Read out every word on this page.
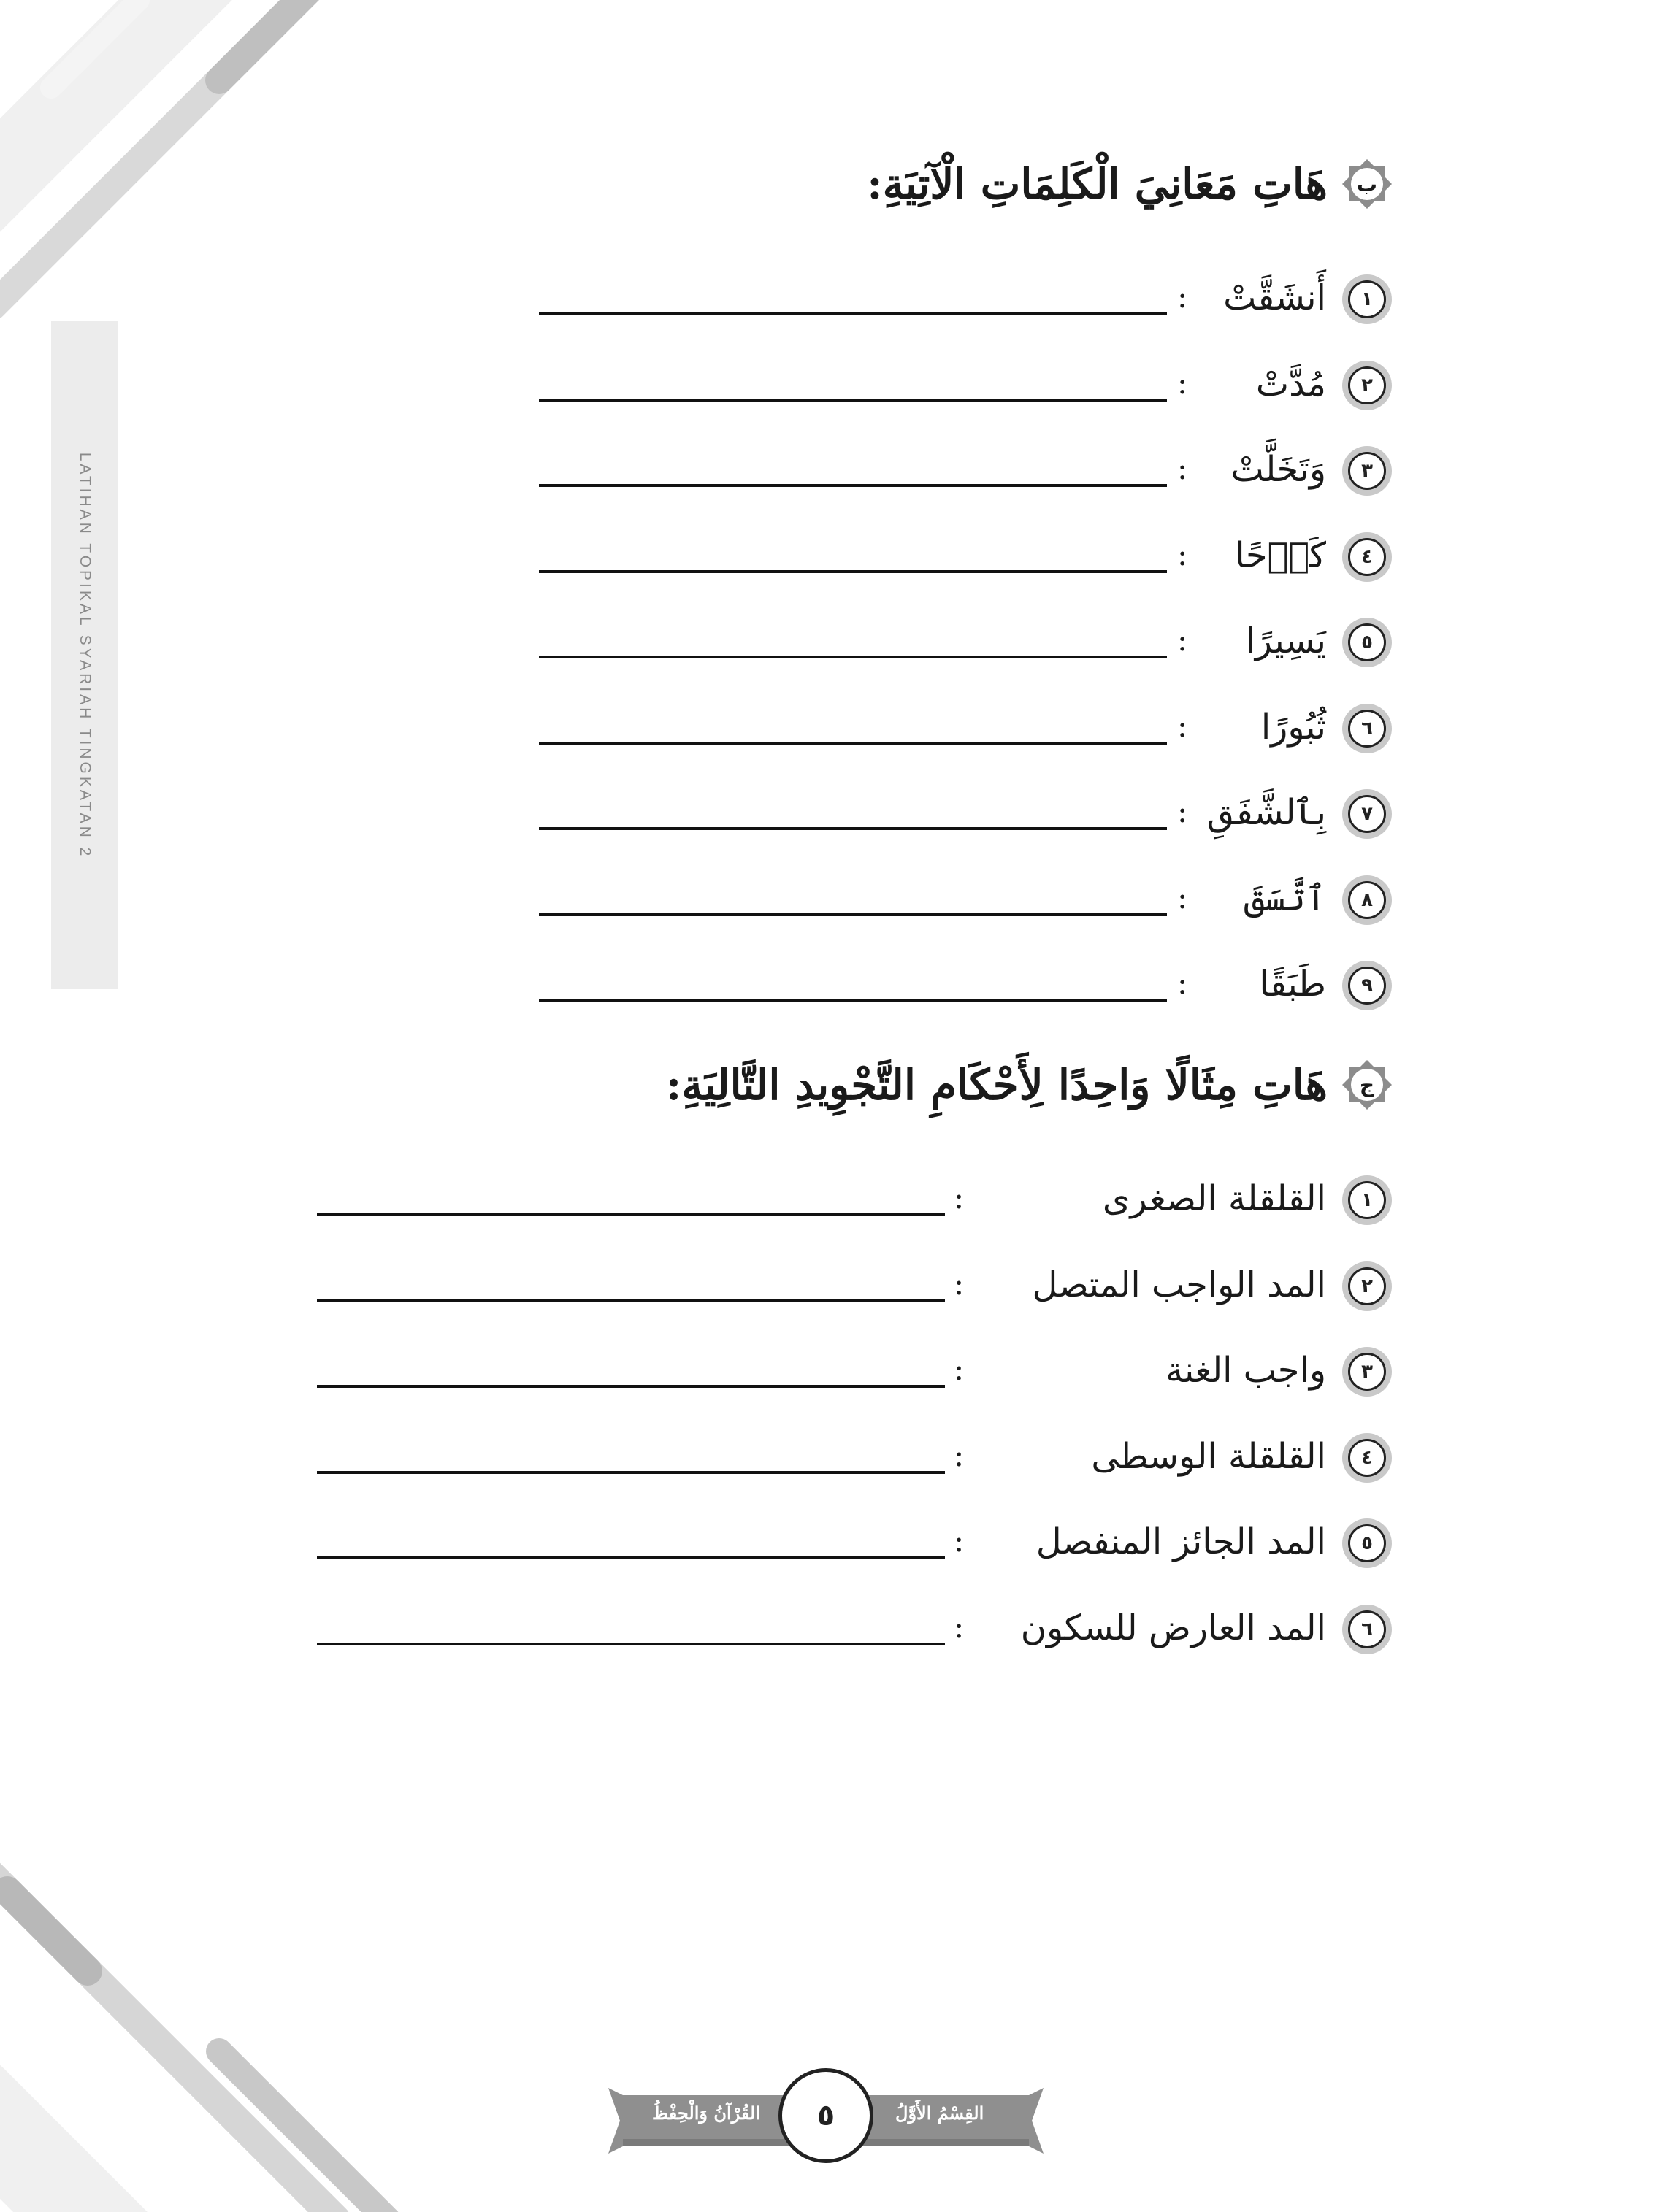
LATIHAN TOPIKAL SYARIAH TINGKATAN 2
ب
هَاتِ مَعَانِيَ الْكَلِمَاتِ الْآتِيَةِ:
١
أَنشَقَّتْ
:
٢
مُدَّتْ
:
٣
وَتَخَلَّتْ
:
٤
كَدۡحًا
:
٥
يَسِيرًا
:
٦
ثُبُورًا
:
٧
بِٱلشَّفَقِ
:
٨
ٱتَّسَقَ
:
٩
طَبَقًا
:
ج
هَاتِ مِثَالًا وَاحِدًا لِأَحْكَامِ التَّجْوِيدِ التَّالِيَةِ:
١
القلقلة الصغرى
:
٢
المد الواجب المتصل
:
٣
واجب الغنة
:
٤
القلقلة الوسطى
:
٥
المد الجائز المنفصل
:
٦
المد العارض للسكون
:
القُرْآنُ وَالْحِفْظُ	القِسْمُ الأَوَّلُ
٥
